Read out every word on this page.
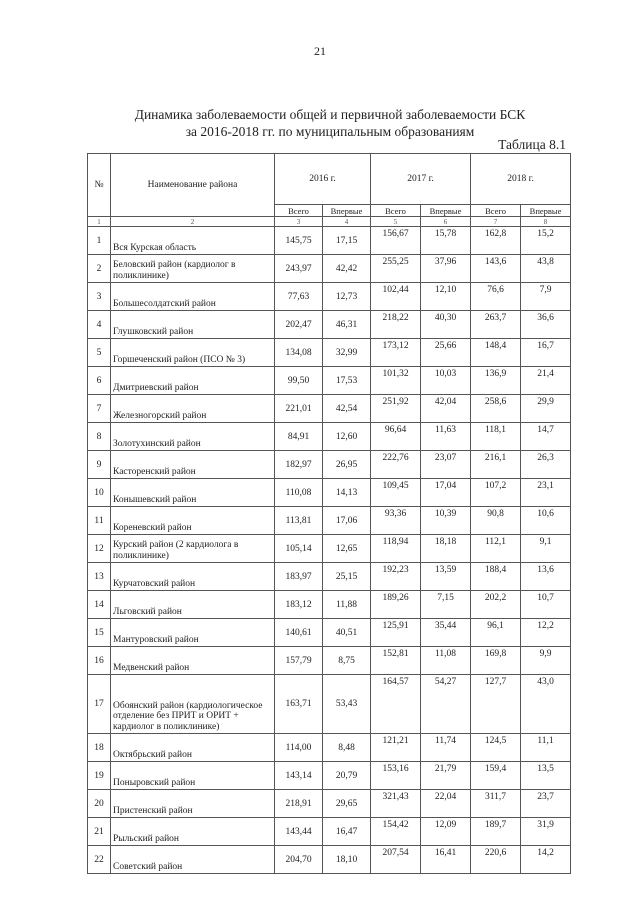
21
Динамика заболеваемости общей и первичной заболеваемости БСК
за 2016-2018 гг. по муниципальным образованиям
Таблица 8.1
№	Наименование района	2016 г.		2017 г.		2018 г.	
		Всего	Впервые	Всего	Впервые	Всего	Впервые
1	2	3	4	5	6	7	8
1	Вся Курская область	145,75	17,15	156,67	15,78	162,8	15,2
2	Беловский район (кардиолог в поликлинике)	243,97	42,42	255,25	37,96	143,6	43,8
3	Большесолдатский район	77,63	12,73	102,44	12,10	76,6	7,9
4	Глушковский район	202,47	46,31	218,22	40,30	263,7	36,6
5	Горшеченский район (ПСО № 3)	134,08	32,99	173,12	25,66	148,4	16,7
6	Дмитриевский район	99,50	17,53	101,32	10,03	136,9	21,4
7	Железногорский район	221,01	42,54	251,92	42,04	258,6	29,9
8	Золотухинский район	84,91	12,60	96,64	11,63	118,1	14,7
9	Касторенский район	182,97	26,95	222,76	23,07	216,1	26,3
10	Конышевский район	110,08	14,13	109,45	17,04	107,2	23,1
11	Кореневский район	113,81	17,06	93,36	10,39	90,8	10,6
12	Курский район (2 кардиолога в поликлинике)	105,14	12,65	118,94	18,18	112,1	9,1
13	Курчатовский район	183,97	25,15	192,23	13,59	188,4	13,6
14	Льговский район	183,12	11,88	189,26	7,15	202,2	10,7
15	Мантуровский район	140,61	40,51	125,91	35,44	96,1	12,2
16	Медвенский район	157,79	8,75	152,81	11,08	169,8	9,9
17	Обоянский район (кардиологическое отделение без ПРИТ и ОРИТ + кардиолог в поликлинике)	163,71	53,43	164,57	54,27	127,7	43,0
18	Октябрьский район	114,00	8,48	121,21	11,74	124,5	11,1
19	Поныровский район	143,14	20,79	153,16	21,79	159,4	13,5
20	Пристенский район	218,91	29,65	321,43	22,04	311,7	23,7
21	Рыльский район	143,44	16,47	154,42	12,09	189,7	31,9
22	Советский район	204,70	18,10	207,54	16,41	220,6	14,2
